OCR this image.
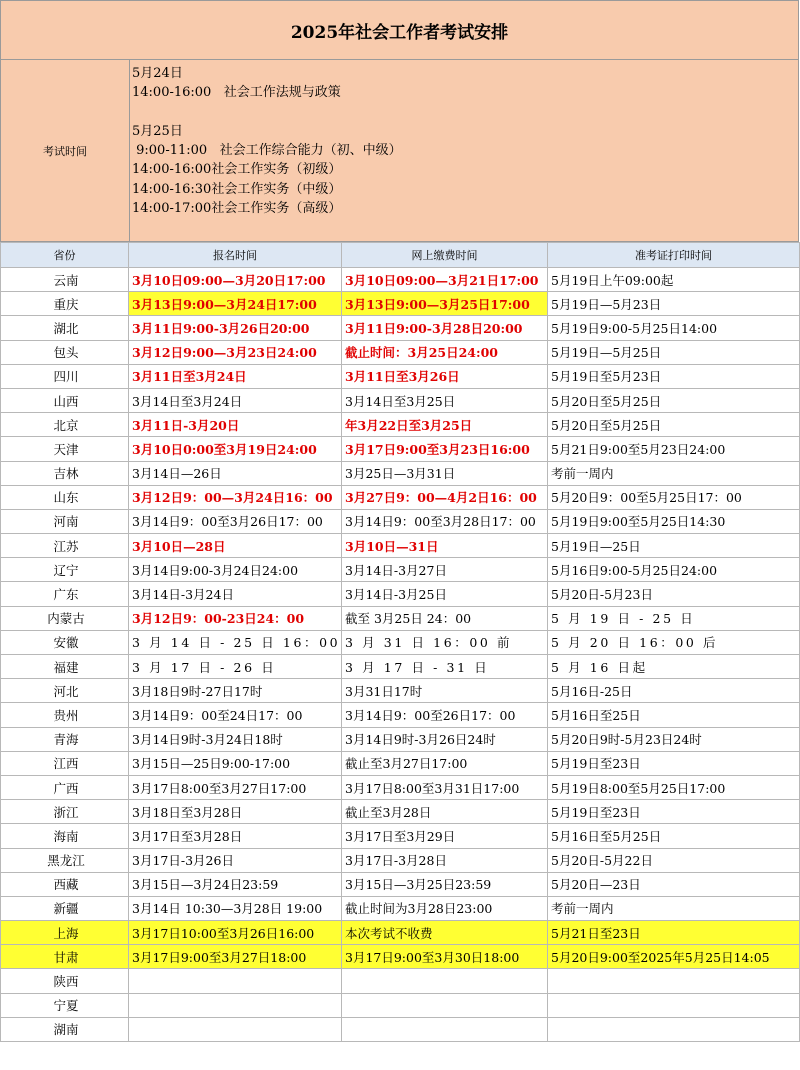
2025年社会工作者考试安排
考试时间
5月24日
14:00-16:00   社会工作法规与政策
5月25日
9:00-11:00   社会工作综合能力（初、中级）
14:00-16:00社会工作实务（初级）
14:00-16:30社会工作实务（中级）
14:00-17:00社会工作实务（高级）
省份	报名时间	网上缴费时间	准考证打印时间
云南	3月10日09:00—3月20日17:00	3月10日09:00—3月21日17:00	5月19日上午09:00起
重庆	3月13日9:00—3月24日17:00	3月13日9:00—3月25日17:00	5月19日—5月23日
湖北	3月11日9:00-3月26日20:00	3月11日9:00-3月28日20:00	5月19日9:00-5月25日14:00
包头	3月12日9:00—3月23日24:00	截止时间：3月25日24:00	5月19日—5月25日
四川	3月11日至3月24日	3月11日至3月26日	5月19日至5月23日
山西	3月14日至3月24日	3月14日至3月25日	5月20日至5月25日
北京	3月11日-3月20日	年3月22日至3月25日	5月20日至5月25日
天津	3月10日0:00至3月19日24:00	3月17日9:00至3月23日16:00	5月21日9:00至5月23日24:00
吉林	3月14日—26日	3月25日—3月31日	考前一周内
山东	3月12日9：00—3月24日16：00	3月27日9：00—4月2日16：00	5月20日9：00至5月25日17：00
河南	3月14日9：00至3月26日17：00	3月14日9：00至3月28日17：00	5月19日9:00至5月25日14:30
江苏	3月10日—28日	3月10日—31日	5月19日—25日
辽宁	3月14日9:00-3月24日24:00	3月14日-3月27日	5月16日9:00-5月25日24:00
广东	3月14日-3月24日	3月14日-3月25日	5月20日-5月23日
内蒙古	3月12日9：00-23日24：00	截至 3月25日 24：00	5 月 19 日 - 25 日
安徽	3 月 14 日 - 25 日 16：00	3 月 31 日 16：00 前	5 月 20 日 16：00 后
福建	3 月 17 日 - 26 日	3 月 17 日 - 31 日	5 月 16 日起
河北	3月18日9时-27日17时	3月31日17时	5月16日-25日
贵州	3月14日9：00至24日17：00	3月14日9：00至26日17：00	5月16日至25日
青海	3月14日9时-3月24日18时	3月14日9时-3月26日24时	5月20日9时-5月23日24时
江西	3月15日—25日9:00-17:00	截止至3月27日17:00	5月19日至23日
广西	3月17日8:00至3月27日17:00	3月17日8:00至3月31日17:00	5月19日8:00至5月25日17:00
浙江	3月18日至3月28日	截止至3月28日	5月19日至23日
海南	3月17日至3月28日	3月17日至3月29日	5月16日至5月25日
黑龙江	3月17日-3月26日	3月17日-3月28日	5月20日-5月22日
西藏	3月15日—3月24日23:59	3月15日—3月25日23:59	5月20日—23日
新疆	3月14日 10:30—3月28日 19:00	截止时间为3月28日23:00	考前一周内
上海	3月17日10:00至3月26日16:00	本次考试不收费	5月21日至23日
甘肃	3月17日9:00至3月27日18:00	3月17日9:00至3月30日18:00	5月20日9:00至2025年5月25日14:05
陕西			
宁夏			
湖南			
